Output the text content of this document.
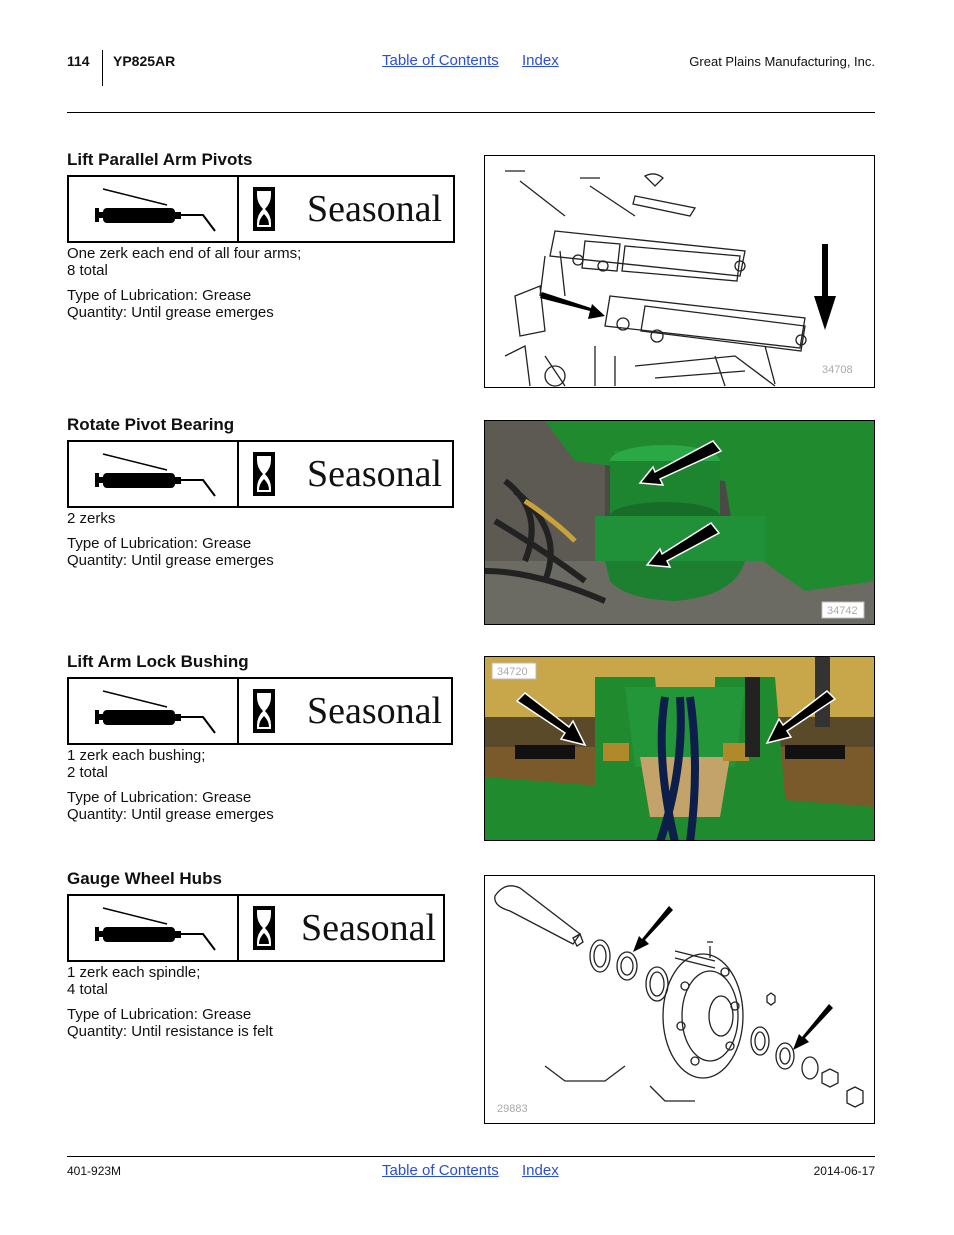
114 YP825AR	Table of Contents Index	Great Plains Manufacturing, Inc.
Lift Parallel Arm Pivots
Seasonal
One zerk each end of all four arms;
8 total
Type of Lubrication: Grease
Quantity: Until grease emerges
34708
Rotate Pivot Bearing
Seasonal
2 zerks
Type of Lubrication: Grease
Quantity: Until grease emerges
34742
Lift Arm Lock Bushing
Seasonal
1 zerk each bushing;
2 total
Type of Lubrication: Grease
Quantity: Until grease emerges
34720
Gauge Wheel Hubs
Seasonal
1 zerk each spindle;
4 total
Type of Lubrication: Grease
Quantity: Until resistance is felt
29883
401-923M	Table of Contents Index	2014-06-17
